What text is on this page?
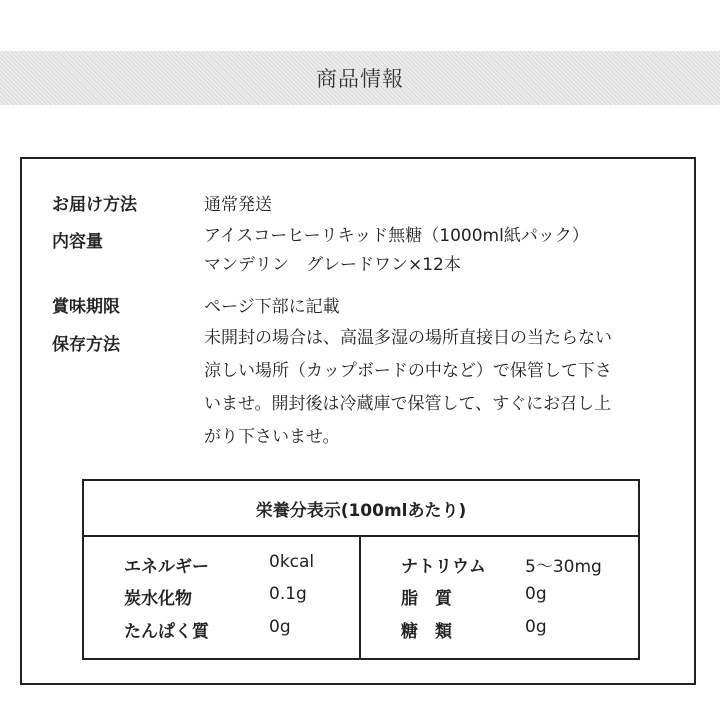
商品情報
お届け方法	通常発送
内容量	アイスコーヒーリキッド無糖（1000ml紙パック）
マンデリン　グレードワン×12本
賞味期限	ページ下部に記載
保存方法	未開封の場合は、高温多湿の場所直接日の当たらない
涼しい場所（カップボードの中など）で保管して下さ
いませ。開封後は冷蔵庫で保管して、すぐにお召し上
がり下さいませ。
栄養分表示(100mlあたり)
エネルギー	0kcal
炭水化物	0.1g
たんぱく質	0g
ナトリウム 5〜30mg
脂　質	0g
糖　類	0g
